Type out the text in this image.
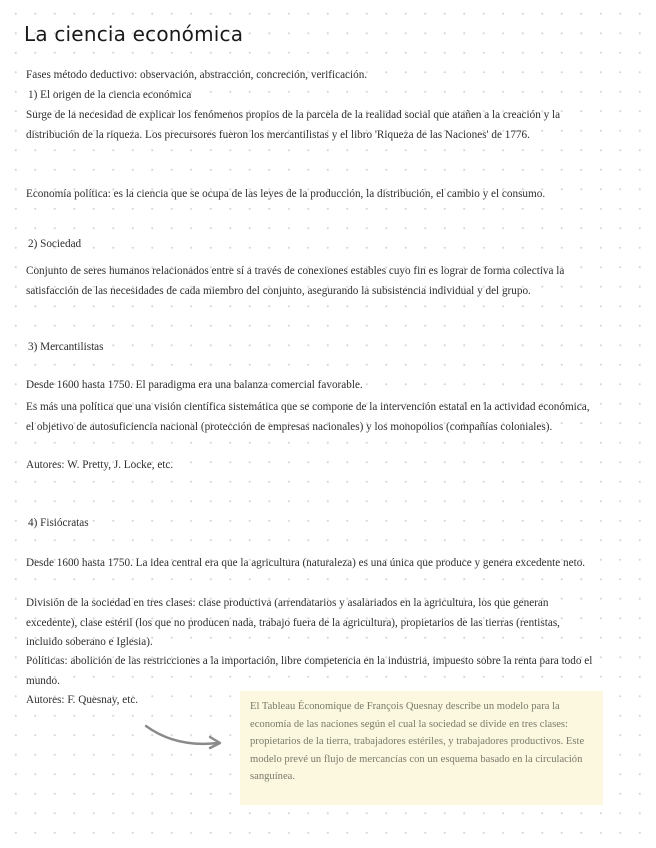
La ciencia económica

Fases método deductivo: observación, abstracción, concreción, verificación.

1) El origen de la ciencia económica

Surge de la necesidad de explicar los fenómenos propios de la parcela de la realidad social que atañen a la creación y la distribución de la riqueza. Los precursores fueron los mercantilistas y el libro 'Riqueza de las Naciones' de 1776.

Economía política: es la ciencia que se ocupa de las leyes de la producción, la distribución, el cambio y el consumo.

2) Sociedad

Conjunto de seres humanos relacionados entre sí a través de conexiones estables cuyo fin es lograr de forma colectiva la satisfacción de las necesidades de cada miembro del conjunto, asegurando la subsistencia individual y del grupo.

3) Mercantilistas

Desde 1600 hasta 1750. El paradigma era una balanza comercial favorable.

Es más una política que una visión científica sistemática que se compone de la intervención estatal en la actividad económica, el objetivo de autosuficiencia nacional (protección de empresas nacionales) y los monopolios (compañías coloniales).

Autores: W. Pretty, J. Locke, etc.

4) Fisiócratas

Desde 1600 hasta 1750. La idea central era que la agricultura (naturaleza) es una única que produce y genera excedente neto.

División de la sociedad en tres clases: clase productiva (arrendatarios y asalariados en la agricultura, los que generan excedente), clase estéril (los que no producen nada, trabajo fuera de la agricultura), propietarios de las tierras (rentistas, incluido soberano e Iglesia).

Políticas: abolición de las restricciones a la importación, libre competencia en la industria, impuesto sobre la renta para todo el mundo.

Autores: F. Quesnay, etc.

El Tableau Économique de François Quesnay describe un modelo para la economía de las naciones según el cual la sociedad se divide en tres clases: propietarios de la tierra, trabajadores estériles, y trabajadores productivos. Este modelo prevé un flujo de mercancías con un esquema basado en la circulación sanguínea.
